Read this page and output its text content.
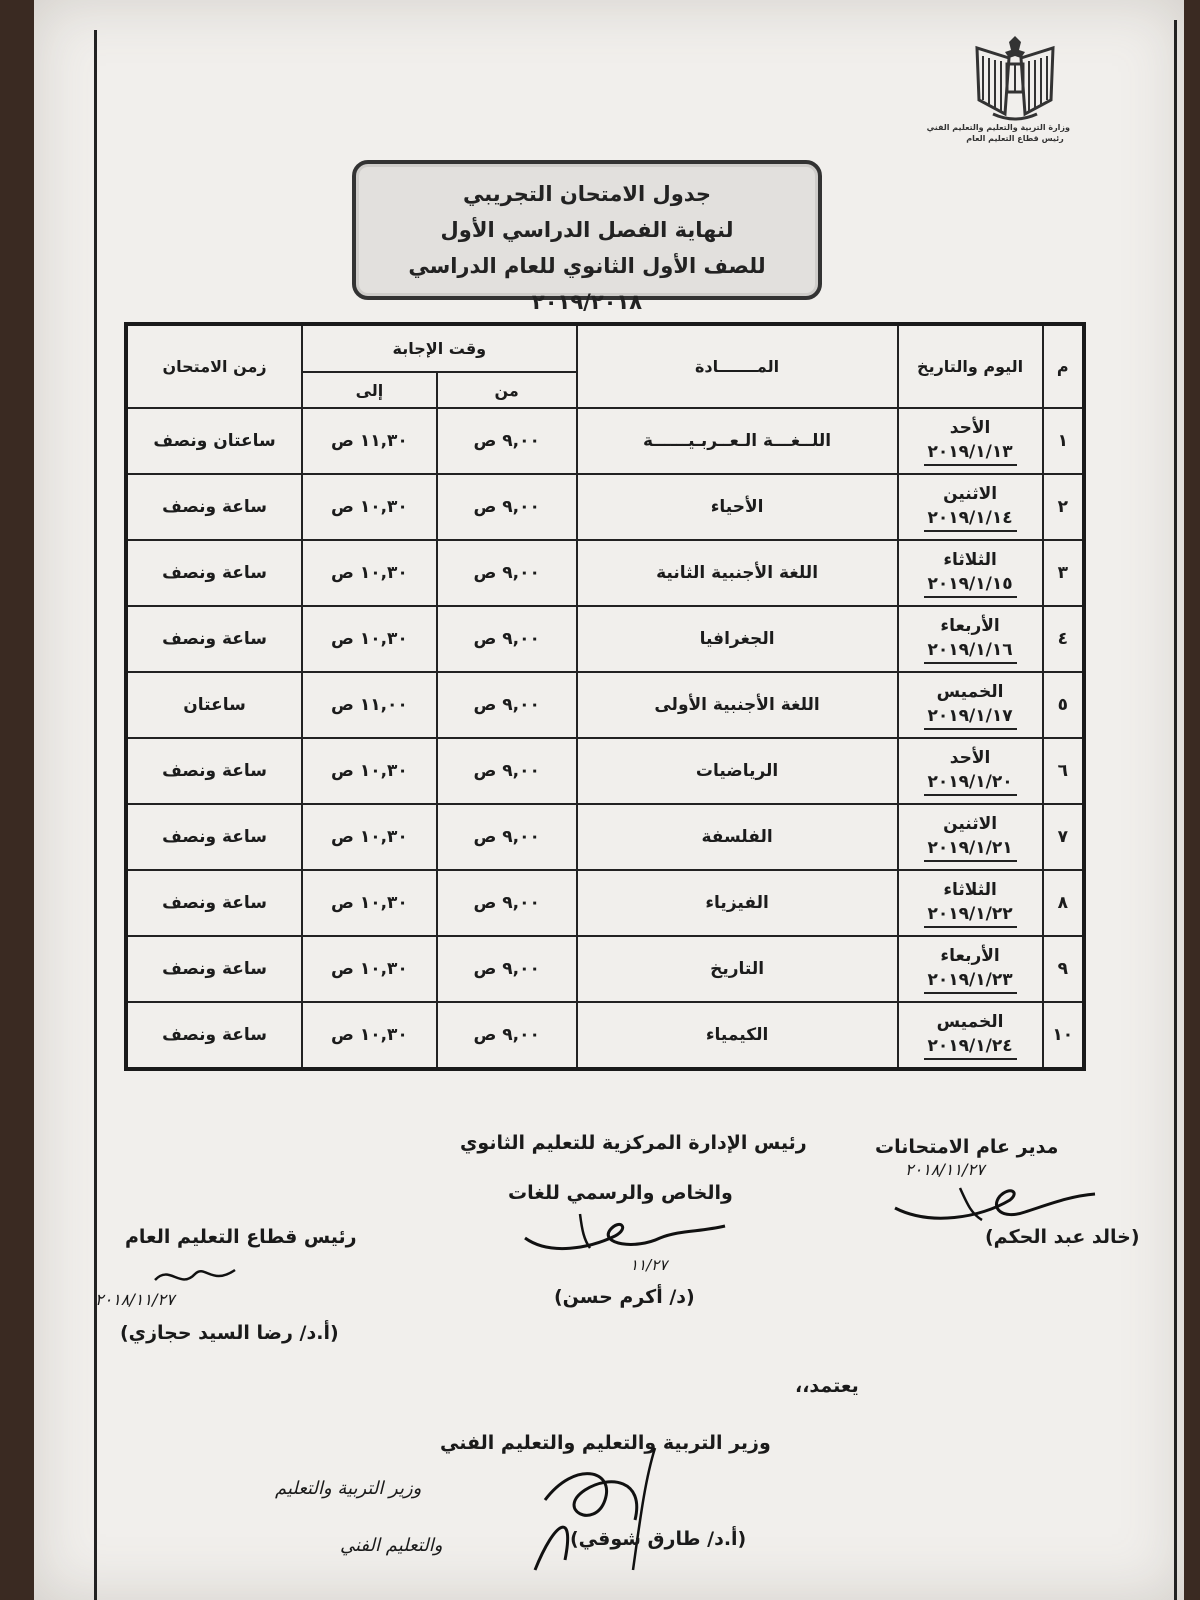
وزارة التربية والتعليم والتعليم الفني
رئيس قطاع التعليم العام
جدول الامتحان التجريبي
لنهاية الفصل الدراسي الأول
للصف الأول الثانوي للعام الدراسي ٢٠١٩/٢٠١٨
م	اليوم والتاريخ	المـــــــادة	وقت الإجابة		زمن الامتحان
			من	إلى	
١	الأحد
٢٠١٩/١/١٣	اللــغـــة الـعــربـيــــــة	٩,٠٠ ص	١١,٣٠ ص	ساعتان ونصف
٢	الاثنين
٢٠١٩/١/١٤	الأحياء	٩,٠٠ ص	١٠,٣٠ ص	ساعة ونصف
٣	الثلاثاء
٢٠١٩/١/١٥	اللغة الأجنبية الثانية	٩,٠٠ ص	١٠,٣٠ ص	ساعة ونصف
٤	الأربعاء
٢٠١٩/١/١٦	الجغرافيا	٩,٠٠ ص	١٠,٣٠ ص	ساعة ونصف
٥	الخميس
٢٠١٩/١/١٧	اللغة الأجنبية الأولى	٩,٠٠ ص	١١,٠٠ ص	ساعتان
٦	الأحد
٢٠١٩/١/٢٠	الرياضيات	٩,٠٠ ص	١٠,٣٠ ص	ساعة ونصف
٧	الاثنين
٢٠١٩/١/٢١	الفلسفة	٩,٠٠ ص	١٠,٣٠ ص	ساعة ونصف
٨	الثلاثاء
٢٠١٩/١/٢٢	الفيزياء	٩,٠٠ ص	١٠,٣٠ ص	ساعة ونصف
٩	الأربعاء
٢٠١٩/١/٢٣	التاريخ	٩,٠٠ ص	١٠,٣٠ ص	ساعة ونصف
١٠	الخميس
٢٠١٩/١/٢٤	الكيمياء	٩,٠٠ ص	١٠,٣٠ ص	ساعة ونصف
مدير عام الامتحانات
٢٠١٨/١١/٢٧
(خالد عبد الحكم)
رئيس الإدارة المركزية للتعليم الثانوي
والخاص والرسمي للغات
١١/٢٧
(د/ أكرم حسن)
رئيس قطاع التعليم العام
٢٠١٨/١١/٢٧
(أ.د/ رضا السيد حجازي)
يعتمد،،
وزير التربية والتعليم والتعليم الفني
وزير التربية والتعليم
والتعليم الفني	(أ.د/ طارق شوقي)
